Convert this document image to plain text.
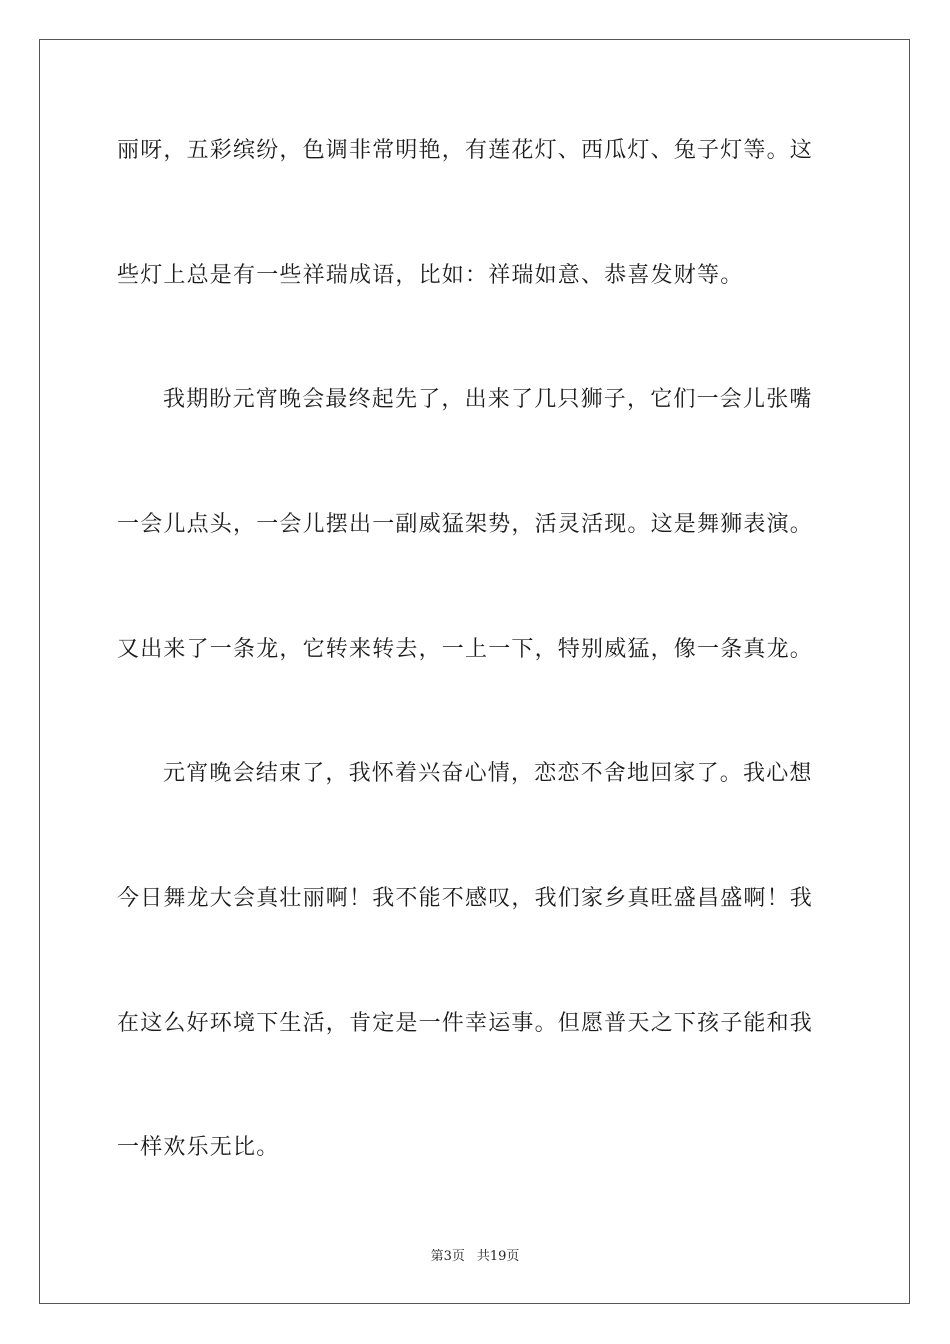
丽呀，五彩缤纷，色调非常明艳，有莲花灯、西瓜灯、兔子灯等。这
些灯上总是有一些祥瑞成语，比如：祥瑞如意、恭喜发财等。
我期盼元宵晚会最终起先了，出来了几只狮子，它们一会儿张嘴
一会儿点头，一会儿摆出一副威猛架势，活灵活现。这是舞狮表演。
又出来了一条龙，它转来转去，一上一下，特别威猛，像一条真龙。
元宵晚会结束了，我怀着兴奋心情，恋恋不舍地回家了。我心想
今日舞龙大会真壮丽啊！我不能不感叹，我们家乡真旺盛昌盛啊！我
在这么好环境下生活，肯定是一件幸运事。但愿普天之下孩子能和我
一样欢乐无比。
第3页 共19页
